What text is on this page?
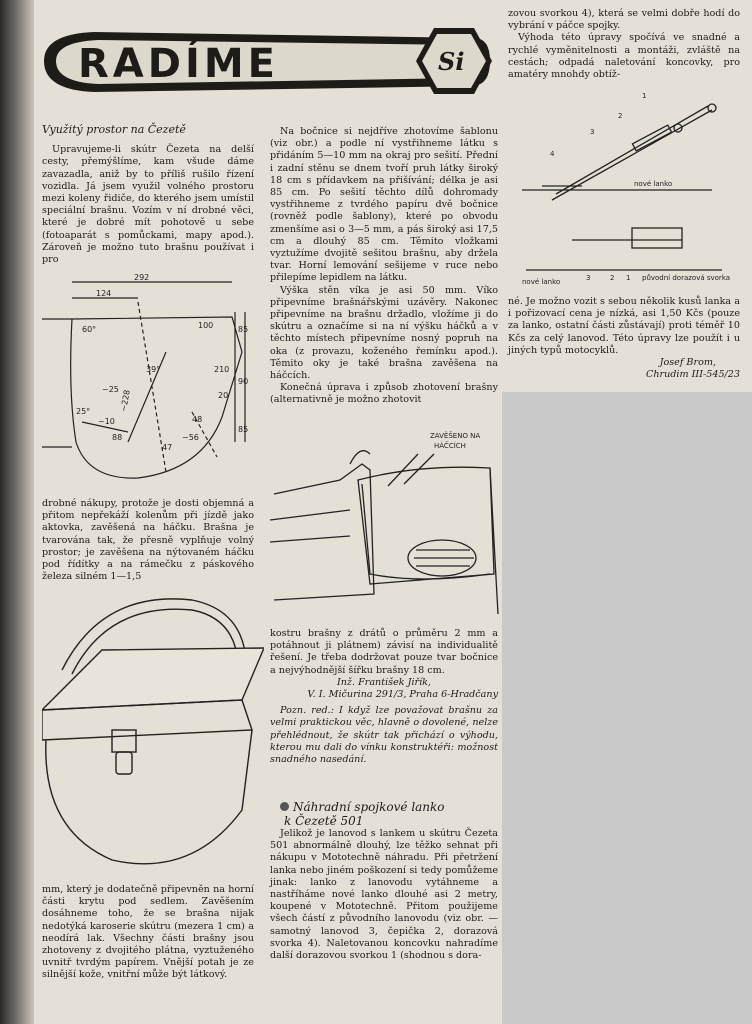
RADÍME	Si

Využitý prostor na Čezetě

Upravujeme-li skútr Čezeta na delší cesty, přemýšlíme, kam všude dáme zavazadla, aniž by to příliš rušilo řízení vozidla. Já jsem využil volného prostoru mezi koleny řidiče, do kterého jsem umístil speciální brašnu. Vozím v ní drobné věci, které je dobré mít pohotově u sebe (fotoaparát s pomůckami, mapy apod.). Zároveň je možno tuto brašnu používat i pro

292
124
100
210
90
85
85
60°
39°
20
25°
~10
88
47
~56
~228
~25
48

drobné nákupy, protože je dosti objemná a přitom nepřekáží kolenům při jízdě jako aktovka, zavěšená na háčku. Brašna je tvarována tak, že přesně vyplňuje volný prostor; je zavěšena na nýtovaném háčku pod řídítky a na rámečku z páskového železa silném 1—1,5

mm, který je dodatečně připevněn na horní části krytu pod sedlem. Zavěšením dosáhneme toho, že se brašna nijak nedotýká karoserie skútru (mezera 1 cm) a neodírá lak. Všechny části brašny jsou zhotoveny z dvojitého plátna, vyztuženého uvnitř tvrdým papírem. Vnější potah je ze silnější kože, vnitřní může být látkový.

Na bočnice si nejdříve zhotovíme šablonu (viz obr.) a podle ní vystřihneme látku s přidáním 5—10 mm na okraj pro sešití. Přední i zadní stěnu se dnem tvoří pruh látky široký 18 cm s přídavkem na přišívání; délka je asi 85 cm. Po sešití těchto dílů dohromady vystřihneme z tvrdého papíru dvě bočnice (rovněž podle šablony), které po obvodu zmenšíme asi o 3—5 mm, a pás široký asi 17,5 cm a dlouhý 85 cm. Těmito vložkami vyztužíme dvojitě sešitou brašnu, aby držela tvar. Horní lemování sešijeme v ruce nebo přilepíme lepidlem na látku.

Výška stěn víka je asi 50 mm. Víko připevníme brašnářskými uzávěry. Nakonec připevníme na brašnu držadlo, vložíme ji do skútru a označíme si na ní výšku háčků a v těchto místech připevníme nosný popruh na oka (z provazu, koženého řemínku apod.). Těmito oky je také brašna zavěšena na háčcích.

Konečná úprava i způsob zhotovení brašny (alternativně je možno zhotovit

ZAVĚŠENO NA
HÁČCÍCH

kostru brašny z drátů o průměru 2 mm a potáhnout ji plátnem) závisí na individualitě řešení. Je třeba dodržovat pouze tvar bočnice a nejvýhodnější šířku brašny 18 cm.

Inž. František Jiřík,

V. I. Mičurina 291/3, Praha 6-Hradčany

Pozn. red.: I když lze považovat brašnu za velmi praktickou věc, hlavně o dovolené, nelze přehlédnout, že skútr tak přichází o výhodu, kterou mu dali do vínku konstruktéři: možnost snadného nasedání.

Náhradní spojkové lanko
k Čezetě 501

Jelikož je lanovod s lankem u skútru Čezeta 501 abnormálně dlouhý, lze těžko sehnat při nákupu v Mototechně náhradu. Při přetržení lanka nebo jiném poškození si tedy pomůžeme jinak: lanko z lanovodu vytáhneme a nastříháme nové lanko dlouhé asi 2 metry, koupené v Mototechně. Přitom použijeme všech částí z původního lanovodu (viz obr. — samotný lanovod 3, čepička 2, dorazová svorka 4). Naletovanou koncovku nahradíme další dorazovou svorkou 1 (shodnou s dora-

zovou svorkou 4), která se velmi dobře hodí do vybrání v páčce spojky.

Výhoda této úpravy spočívá ve snadné a rychlé vyměnitelnosti a montáži, zvláště na cestách; odpadá naletování koncovky, pro amatéry mnohdy obtíž-

1
2
3
4
nové lanko
nové lanko	3	2 1 původní dorazová svorka

né. Je možno vozit s sebou několik kusů lanka a i pořizovací cena je nízká, asi 1,50 Kčs (pouze za lanko, ostatní části zůstávají) proti téměř 10 Kčs za celý lanovod. Této úpravy lze použít i u jiných typů motocyklů.

Josef Brom,

Chrudim III-545/23
